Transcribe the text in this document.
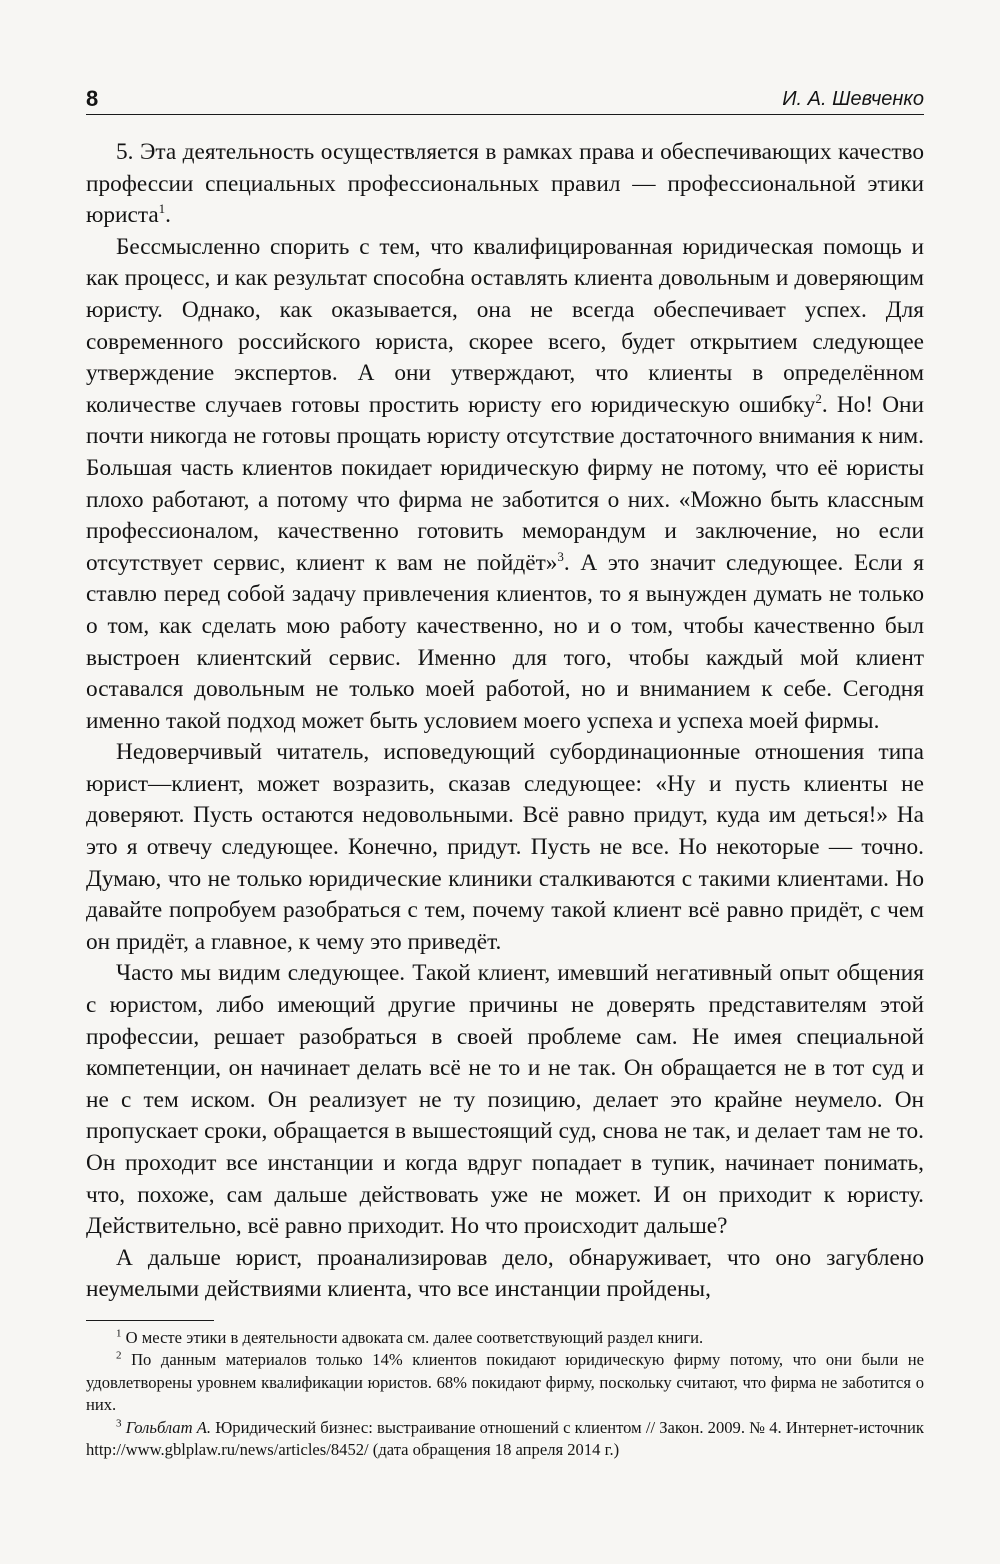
8	И. А. Шевченко

5. Эта деятельность осуществляется в рамках права и обеспечивающих качество профессии специальных профессиональных правил — профессиональной этики юриста$^1$.

Бессмысленно спорить с тем, что квалифицированная юридическая помощь и как процесс, и как результат способна оставлять клиента довольным и доверяющим юристу. Однако, как оказывается, она не всегда обеспечивает успех. Для современного российского юриста, скорее всего, будет открытием следующее утверждение экспертов. А они утверждают, что клиенты в определённом количестве случаев готовы простить юристу его юридическую ошибку$^2$. Но! Они почти никогда не готовы прощать юристу отсутствие достаточного внимания к ним. Большая часть клиентов покидает юридическую фирму не потому, что её юристы плохо работают, а потому что фирма не заботится о них. «Можно быть классным профессионалом, качественно готовить меморандум и заключение, но если отсутствует сервис, клиент к вам не пойдёт»$^3$. А это значит следующее. Если я ставлю перед собой задачу привлечения клиентов, то я вынужден думать не только о том, как сделать мою работу качественно, но и о том, чтобы качественно был выстроен клиентский сервис. Именно для того, чтобы каждый мой клиент оставался довольным не только моей работой, но и вниманием к себе. Сегодня именно такой подход может быть условием моего успеха и успеха моей фирмы.

Недоверчивый читатель, исповедующий субординационные отношения типа юрист—клиент, может возразить, сказав следующее: «Ну и пусть клиенты не доверяют. Пусть остаются недовольными. Всё равно придут, куда им деться!» На это я отвечу следующее. Конечно, придут. Пусть не все. Но некоторые — точно. Думаю, что не только юридические клиники сталкиваются с такими клиентами. Но давайте попробуем разобраться с тем, почему такой клиент всё равно придёт, с чем он придёт, а главное, к чему это приведёт.

Часто мы видим следующее. Такой клиент, имевший негативный опыт общения с юристом, либо имеющий другие причины не доверять представителям этой профессии, решает разобраться в своей проблеме сам. Не имея специальной компетенции, он начинает делать всё не то и не так. Он обращается не в тот суд и не с тем иском. Он реализует не ту позицию, делает это крайне неумело. Он пропускает сроки, обращается в вышестоящий суд, снова не так, и делает там не то. Он проходит все инстанции и когда вдруг попадает в тупик, начинает понимать, что, похоже, сам дальше действовать уже не может. И он приходит к юристу. Действительно, всё равно приходит. Но что происходит дальше?

А дальше юрист, проанализировав дело, обнаруживает, что оно загублено неумелыми действиями клиента, что все инстанции пройдены,

$^1$ О месте этики в деятельности адвоката см. далее соответствующий раздел книги.

$^2$ По данным материалов только 14% клиентов покидают юридическую фирму потому, что они были не удовлетворены уровнем квалификации юристов. 68% покидают фирму, поскольку считают, что фирма не заботится о них.

$^3$ Гольблат А. Юридический бизнес: выстраивание отношений с клиентом // Закон. 2009. № 4. Интернет-источник http://www.gblplaw.ru/news/articles/8452/ (дата обращения 18 апреля 2014 г.)
